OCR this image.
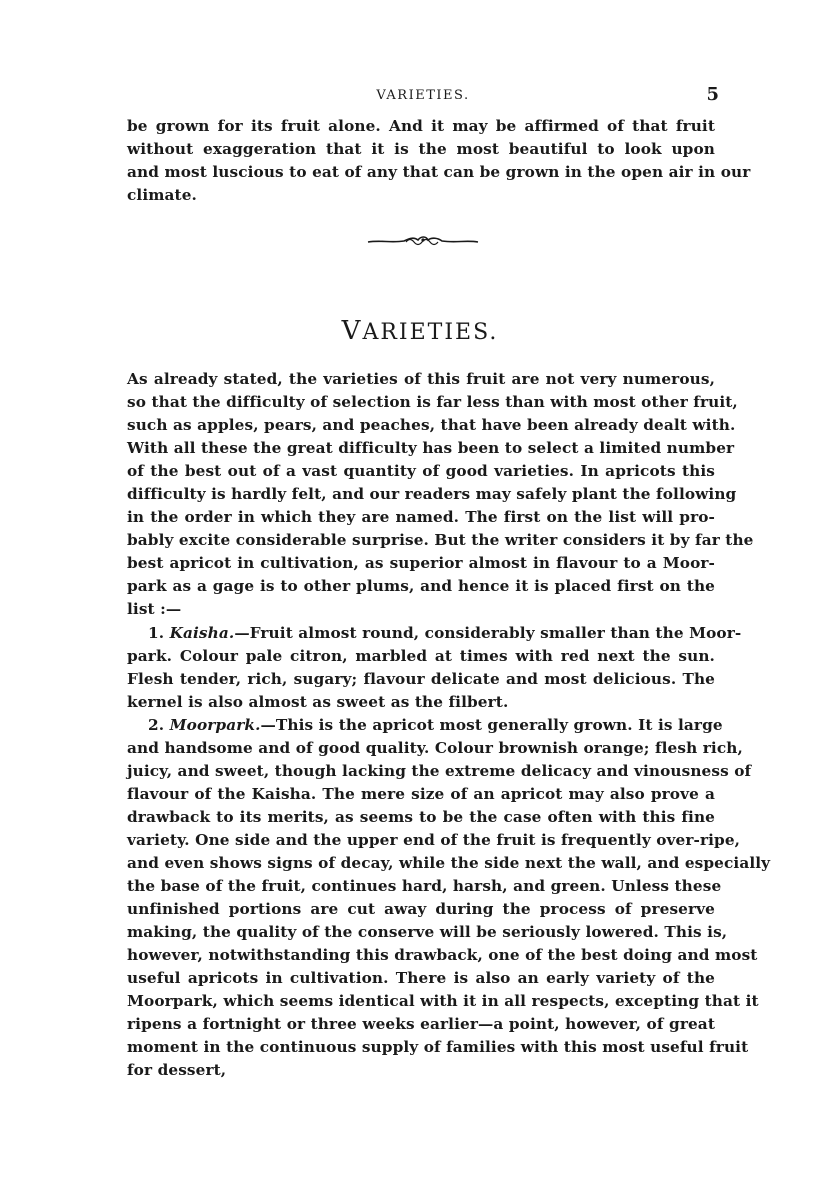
VARIETIES.	5
be grown for its fruit alone. And it may be affirmed of that fruit
without exaggeration that it is the most beautiful to look upon
and most luscious to eat of any that can be grown in the open air in our
climate.
VARIETIES.
As already stated, the varieties of this fruit are not very numerous,
so that the difficulty of selection is far less than with most other fruit,
such as apples, pears, and peaches, that have been already dealt with.
With all these the great difficulty has been to select a limited number
of the best out of a vast quantity of good varieties. In apricots this
difficulty is hardly felt, and our readers may safely plant the following
in the order in which they are named. The first on the list will pro-
bably excite considerable surprise. But the writer considers it by far the
best apricot in cultivation, as superior almost in flavour to a Moor-
park as a gage is to other plums, and hence it is placed first on the
list :—
1. Kaisha.—Fruit almost round, considerably smaller than the Moor-
park. Colour pale citron, marbled at times with red next the sun.
Flesh tender, rich, sugary; flavour delicate and most delicious. The
kernel is also almost as sweet as the filbert.
2. Moorpark.—This is the apricot most generally grown. It is large
and handsome and of good quality. Colour brownish orange; flesh rich,
juicy, and sweet, though lacking the extreme delicacy and vinousness of
flavour of the Kaisha. The mere size of an apricot may also prove a
drawback to its merits, as seems to be the case often with this fine
variety. One side and the upper end of the fruit is frequently over-ripe,
and even shows signs of decay, while the side next the wall, and especially
the base of the fruit, continues hard, harsh, and green. Unless these
unfinished portions are cut away during the process of preserve
making, the quality of the conserve will be seriously lowered. This is,
however, notwithstanding this drawback, one of the best doing and most
useful apricots in cultivation. There is also an early variety of the
Moorpark, which seems identical with it in all respects, excepting that it
ripens a fortnight or three weeks earlier—a point, however, of great
moment in the continuous supply of families with this most useful fruit
for dessert,
